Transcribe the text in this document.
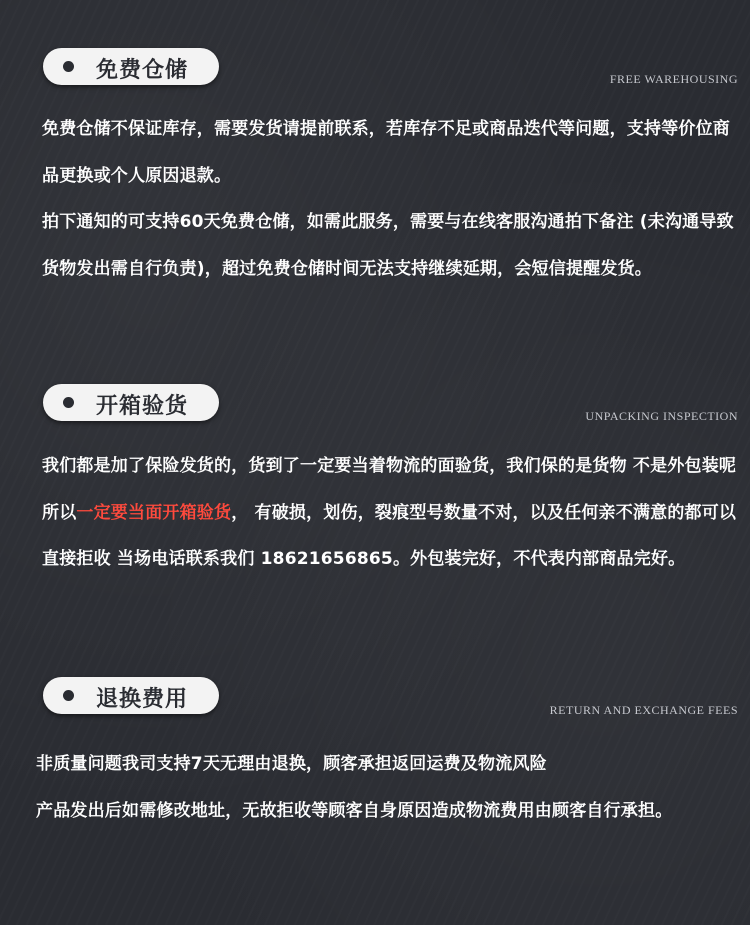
免费仓储	FREE WAREHOUSING

免费仓储不保证库存，需要发货请提前联系，若库存不足或商品迭代等问题，支持等价位商品更换或个人原因退款。

拍下通知的可支持60天免费仓储，如需此服务，需要与在线客服沟通拍下备注 (未沟通导致货物发出需自行负责)，超过免费仓储时间无法支持继续延期，会短信提醒发货。

开箱验货	UNPACKING INSPECTION

我们都是加了保险发货的，货到了一定要当着物流的面验货，我们保的是货物 不是外包装呢 所以一定要当面开箱验货， 有破损，划伤，裂痕型号数量不对，以及任何亲不满意的都可以直接拒收 当场电话联系我们 18621656865。外包装完好，不代表内部商品完好。

退换费用	RETURN AND EXCHANGE FEES

非质量问题我司支持7天无理由退换，顾客承担返回运费及物流风险

产品发出后如需修改地址，无故拒收等顾客自身原因造成物流费用由顾客自行承担。
